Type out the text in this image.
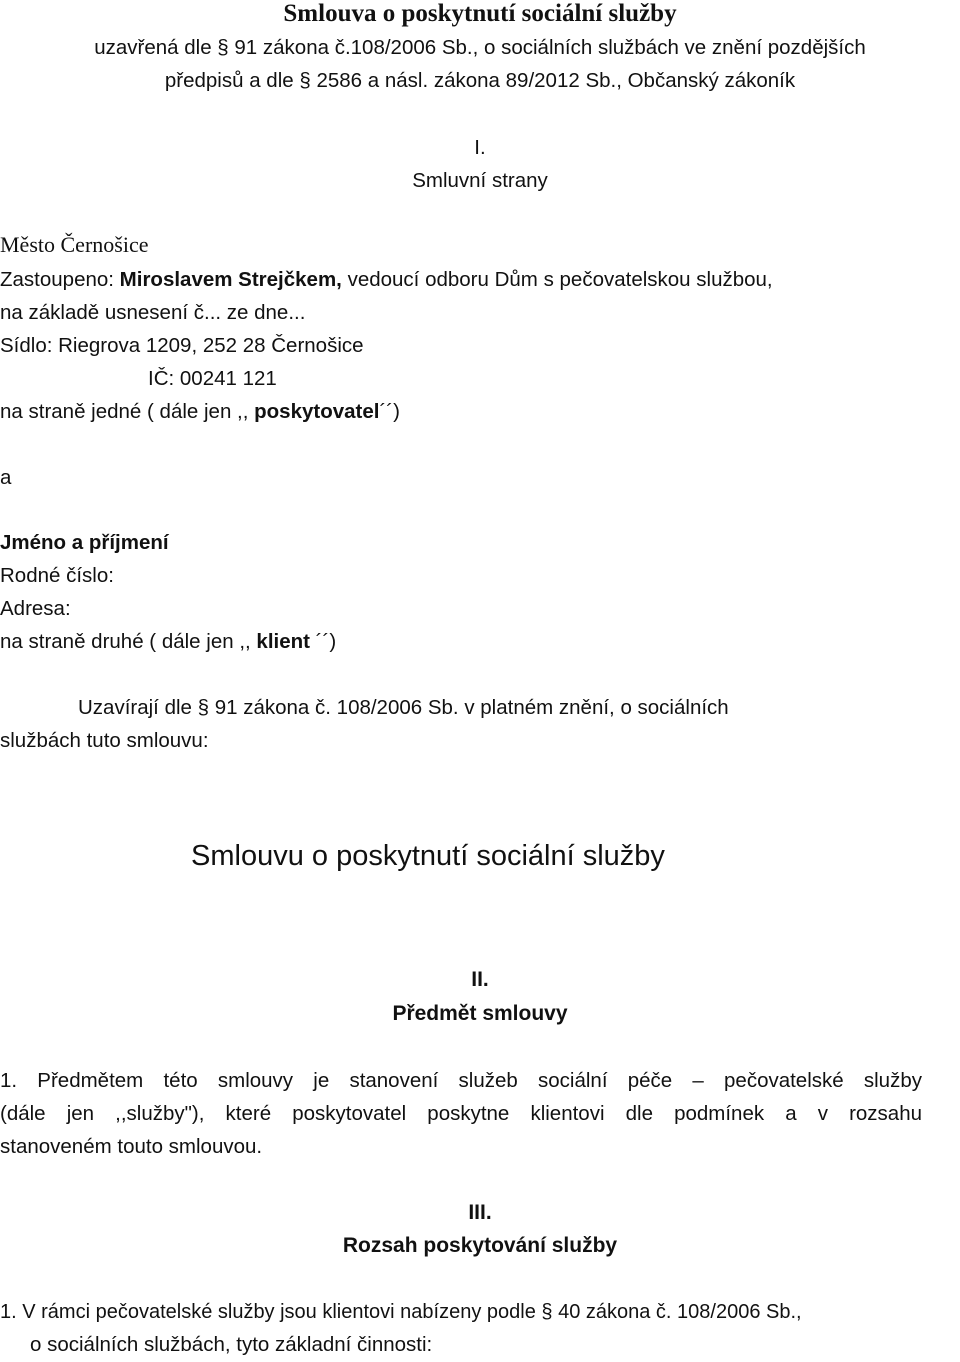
Smlouva o poskytnutí sociální služby
uzavřená dle § 91 zákona č.108/2006 Sb., o sociálních službách ve znění pozdějších
předpisů a dle § 2586 a násl. zákona 89/2012 Sb., Občanský zákoník
I.
Smluvní strany
Město Černošice
Zastoupeno: Miroslavem Strejčkem, vedoucí odboru Dům s pečovatelskou službou,
na základě usnesení č... ze dne...
Sídlo: Riegrova 1209, 252 28 Černošice
IČ: 00241 121
na straně jedné ( dále jen ,, poskytovatel´´)
a
Jméno a příjmení
Rodné číslo:
Adresa:
na straně druhé ( dále jen ,, klient ´´)
Uzavírají dle § 91 zákona č. 108/2006 Sb. v platném znění, o sociálních
službách tuto smlouvu:
Smlouvu o poskytnutí sociální služby
II.
Předmět smlouvy
1. Předmětem této smlouvy je stanovení služeb sociální péče – pečovatelské služby
(dále jen ,,služby"), které poskytovatel poskytne klientovi dle podmínek a v rozsahu
stanoveném touto smlouvou.
III.
Rozsah poskytování služby
1. V rámci pečovatelské služby jsou klientovi nabízeny podle § 40 zákona č. 108/2006 Sb.,
o sociálních službách, tyto základní činnosti:
